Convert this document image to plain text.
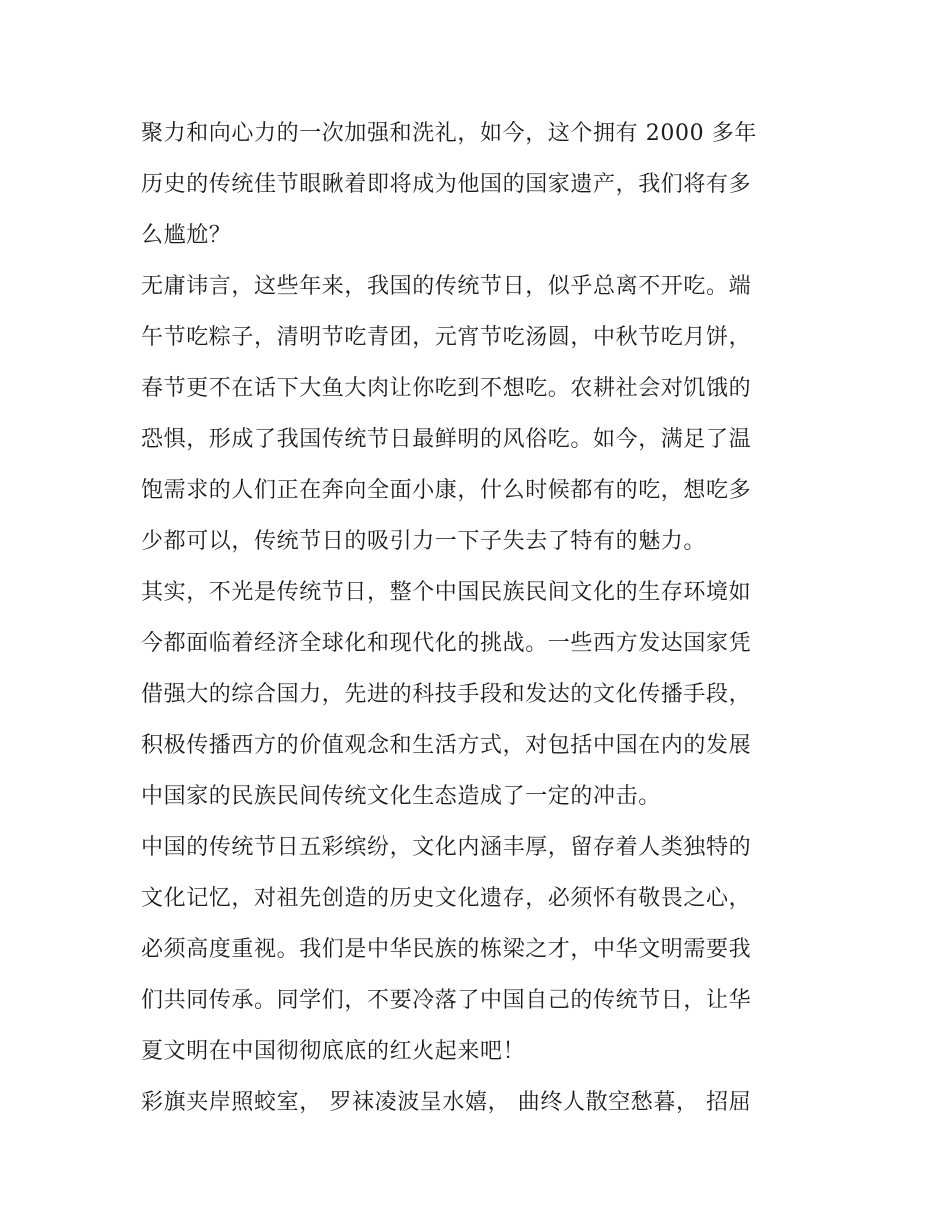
聚力和向心力的一次加强和洗礼，如今，这个拥有 2000 多年
历史的传统佳节眼瞅着即将成为他国的国家遗产，我们将有多
么尴尬？
无庸讳言，这些年来，我国的传统节日，似乎总离不开吃。端
午节吃粽子，清明节吃青团，元宵节吃汤圆，中秋节吃月饼，
春节更不在话下大鱼大肉让你吃到不想吃。农耕社会对饥饿的
恐惧，形成了我国传统节日最鲜明的风俗吃。如今，满足了温
饱需求的人们正在奔向全面小康，什么时候都有的吃，想吃多
少都可以，传统节日的吸引力一下子失去了特有的魅力。
其实，不光是传统节日，整个中国民族民间文化的生存环境如
今都面临着经济全球化和现代化的挑战。一些西方发达国家凭
借强大的综合国力，先进的科技手段和发达的文化传播手段，
积极传播西方的价值观念和生活方式，对包括中国在内的发展
中国家的民族民间传统文化生态造成了一定的冲击。
中国的传统节日五彩缤纷，文化内涵丰厚，留存着人类独特的
文化记忆，对祖先创造的历史文化遗存，必须怀有敬畏之心，
必须高度重视。我们是中华民族的栋梁之才，中华文明需要我
们共同传承。同学们，不要冷落了中国自己的传统节日，让华
夏文明在中国彻彻底底的红火起来吧！
彩旗夹岸照蛟室， 罗袜凌波呈水嬉， 曲终人散空愁暮， 招屈
